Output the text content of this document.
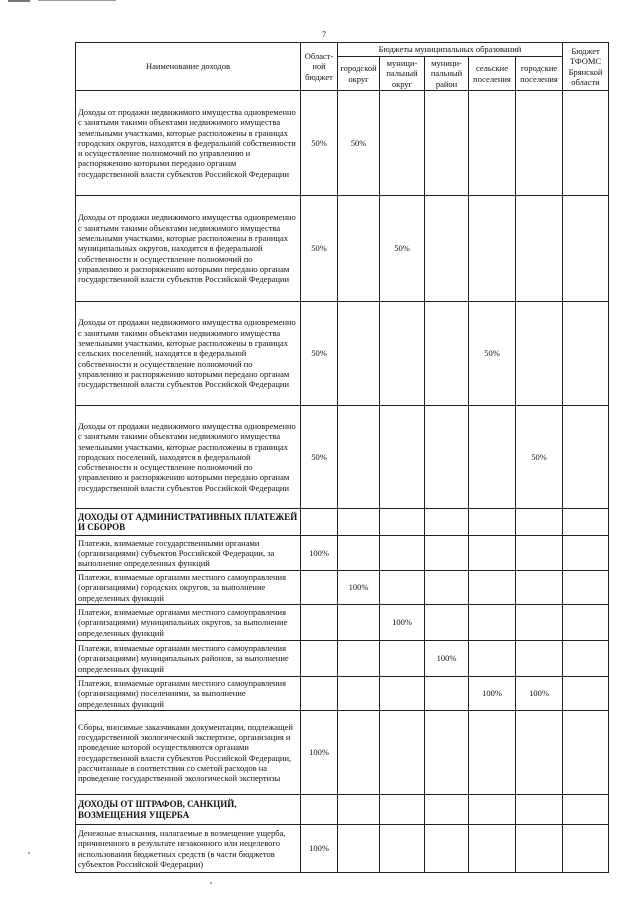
7
Наименование доходов	Област-ной бюджет	Бюджеты муниципальных образований					Бюджет ТФОМС Брянской области
		городской округ	муници-пальный округ	муници-пальный район	сельские поселения	городские поселения	
Доходы от продажи недвижимого имущества одновременно с занятыми такими объектами недвижимого имущества земельными участками, которые расположены в границах городских округов, находятся в федеральной собственности и осуществление полномочий по управлению и распоряжению которыми передано органам государственной власти субъектов Российской Федерации	50%	50%					
Доходы от продажи недвижимого имущества одновременно с занятыми такими объектами недвижимого имущества земельными участками, которые расположены в границах муниципальных округов, находятся в федеральной собственности и осуществление полномочий по управлению и распоряжению которыми передано органам государственной власти субъектов Российской Федерации	50%		50%				
Доходы от продажи недвижимого имущества одновременно с занятыми такими объектами недвижимого имущества земельными участками, которые расположены в границах сельских поселений, находятся в федеральной собственности и осуществление полномочий по управлению и распоряжению которыми передано органам государственной власти субъектов Российской Федерации	50%				50%		
Доходы от продажи недвижимого имущества одновременно с занятыми такими объектами недвижимого имущества земельными участками, которые расположены в границах городских поселений, находятся в федеральной собственности и осуществление полномочий по управлению и распоряжению которыми передано органам государственной власти субъектов Российской Федерации	50%					50%	
ДОХОДЫ ОТ АДМИНИСТРАТИВНЫХ ПЛАТЕЖЕЙ И СБОРОВ							
Платежи, взимаемые государственными органами (организациями) субъектов Российской Федерации, за выполнение определенных функций	100%						
Платежи, взимаемые органами местного самоуправления (организациями) городских округов, за выполнение определенных функций		100%					
Платежи, взимаемые органами местного самоуправления (организациями) муниципальных округов, за выполнение определенных функций			100%				
Платежи, взимаемые органами местного самоуправления (организациями) муниципальных районов, за выполнение определенных функций				100%			
Платежи, взимаемые органами местного самоуправления (организациями) поселениями, за выполнение определенных функций					100%	100%	
Сборы, вносимые заказчиками документации, подлежащей государственной экологической экспертизе, организация и проведение которой осуществляются органами государственной власти субъектов Российской Федерации, рассчитанные в соответствии со сметой расходов на проведение государственной экологической экспертизы	100%						
ДОХОДЫ ОТ ШТРАФОВ, САНКЦИЙ, ВОЗМЕЩЕНИЯ УЩЕРБА							
Денежные взыскания, налагаемые в возмещение ущерба, причиненного в результате незаконного или нецелевого использования бюджетных средств (в части бюджетов субъектов Российской Федерации)	100%						
